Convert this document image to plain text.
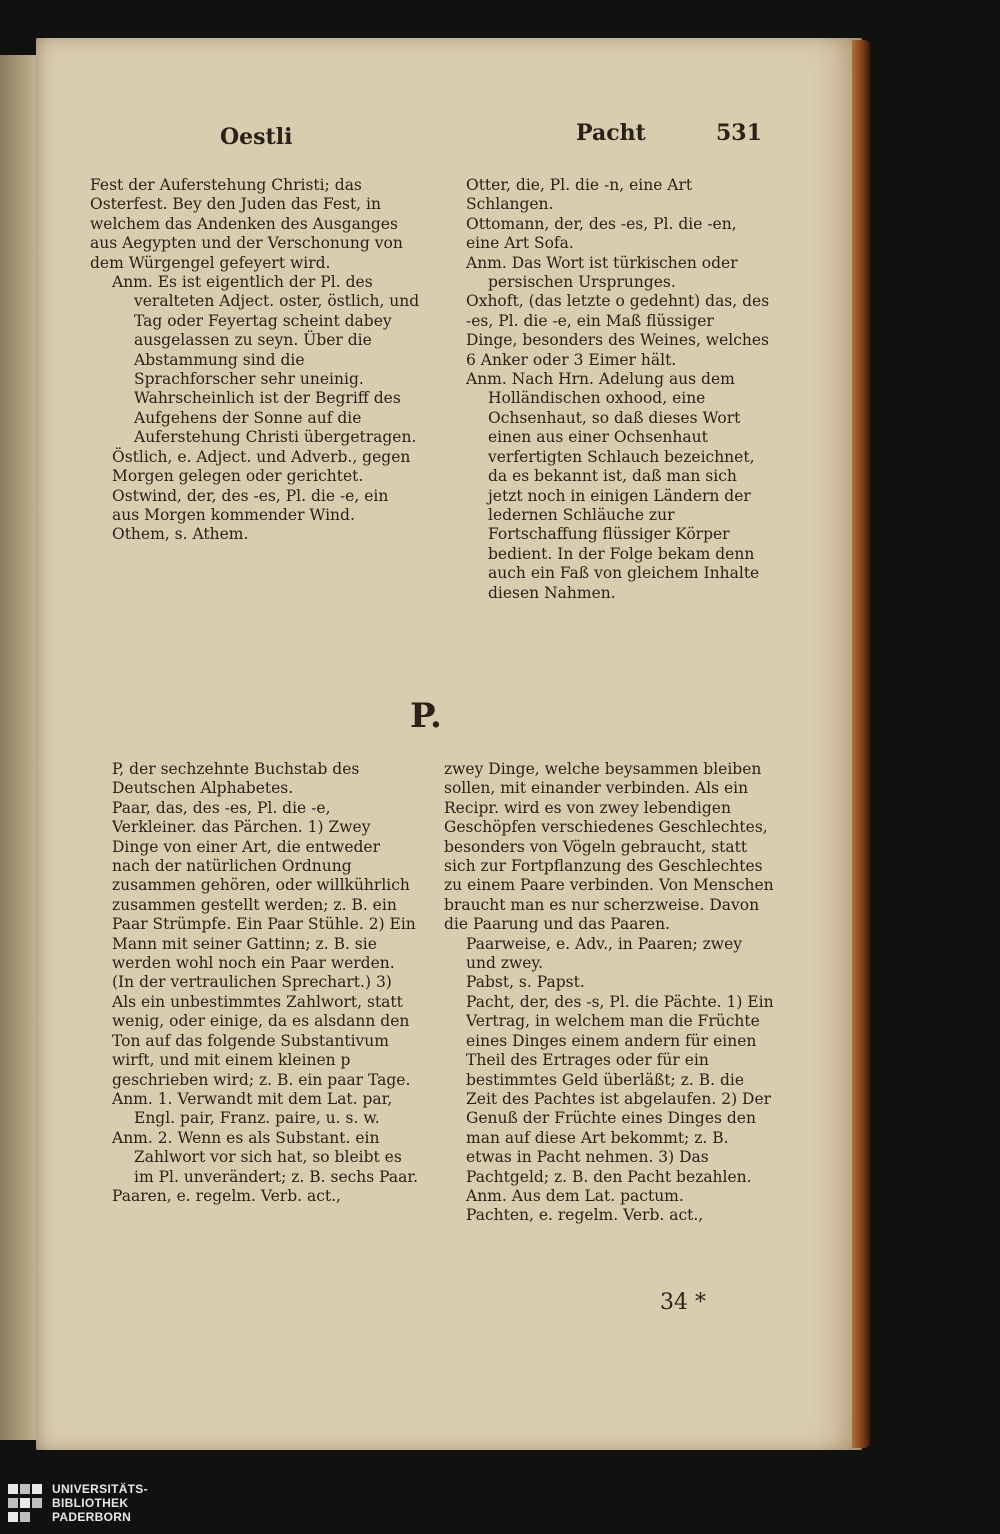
Oestli	Pacht	531

Fest der Auferstehung Christi; das Osterfest. Bey den Juden das Fest, in welchem das Andenken des Ausganges aus Aegypten und der Verschonung von dem Würgengel gefeyert wird.

Anm. Es ist eigentlich der Pl. des veralteten Adject. oster, östlich, und Tag oder Feyertag scheint dabey ausgelassen zu seyn. Über die Abstammung sind die Sprachforscher sehr uneinig. Wahrscheinlich ist der Begriff des Aufgehens der Sonne auf die Auferstehung Christi übergetragen.

Östlich, e. Adject. und Adverb., gegen Morgen gelegen oder gerichtet.

Ostwind, der, des -es, Pl. die -e, ein aus Morgen kommender Wind.

Othem, s. Athem.

Otter, die, Pl. die -n, eine Art Schlangen.

Ottomann, der, des -es, Pl. die -en, eine Art Sofa.

Anm. Das Wort ist türkischen oder persischen Ursprunges.

Oxhoft, (das letzte o gedehnt) das, des -es, Pl. die -e, ein Maß flüssiger Dinge, besonders des Weines, welches 6 Anker oder 3 Eimer hält.

Anm. Nach Hrn. Adelung aus dem Holländischen oxhood, eine Ochsenhaut, so daß dieses Wort einen aus einer Ochsenhaut verfertigten Schlauch bezeichnet, da es bekannt ist, daß man sich jetzt noch in einigen Ländern der ledernen Schläuche zur Fortschaffung flüssiger Körper bedient. In der Folge bekam denn auch ein Faß von gleichem Inhalte diesen Nahmen.

P.

P, der sechzehnte Buchstab des Deutschen Alphabetes.

Paar, das, des -es, Pl. die -e, Verkleiner. das Pärchen. 1) Zwey Dinge von einer Art, die entweder nach der natürlichen Ordnung zusammen gehören, oder willkührlich zusammen gestellt werden; z. B. ein Paar Strümpfe. Ein Paar Stühle. 2) Ein Mann mit seiner Gattinn; z. B. sie werden wohl noch ein Paar werden. (In der vertraulichen Sprechart.) 3) Als ein unbestimmtes Zahlwort, statt wenig, oder einige, da es alsdann den Ton auf das folgende Substantivum wirft, und mit einem kleinen p geschrieben wird; z. B. ein paar Tage.

Anm. 1. Verwandt mit dem Lat. par, Engl. pair, Franz. paire, u. s. w.

Anm. 2. Wenn es als Substant. ein Zahlwort vor sich hat, so bleibt es im Pl. unverändert; z. B. sechs Paar.

Paaren, e. regelm. Verb. act.,

zwey Dinge, welche beysammen bleiben sollen, mit einander verbinden. Als ein Recipr. wird es von zwey lebendigen Geschöpfen verschiedenes Geschlechtes, besonders von Vögeln gebraucht, statt sich zur Fortpflanzung des Geschlechtes zu einem Paare verbinden. Von Menschen braucht man es nur scherzweise. Davon die Paarung und das Paaren.

Paarweise, e. Adv., in Paaren; zwey und zwey.

Pabst, s. Papst.

Pacht, der, des -s, Pl. die Pächte. 1) Ein Vertrag, in welchem man die Früchte eines Dinges einem andern für einen Theil des Ertrages oder für ein bestimmtes Geld überläßt; z. B. die Zeit des Pachtes ist abgelaufen. 2) Der Genuß der Früchte eines Dinges den man auf diese Art bekommt; z. B. etwas in Pacht nehmen. 3) Das Pachtgeld; z. B. den Pacht bezahlen.

Anm. Aus dem Lat. pactum.

Pachten, e. regelm. Verb. act.,

34 *
UNIVERSITÄTS-
BIBLIOTHEK
PADERBORN
